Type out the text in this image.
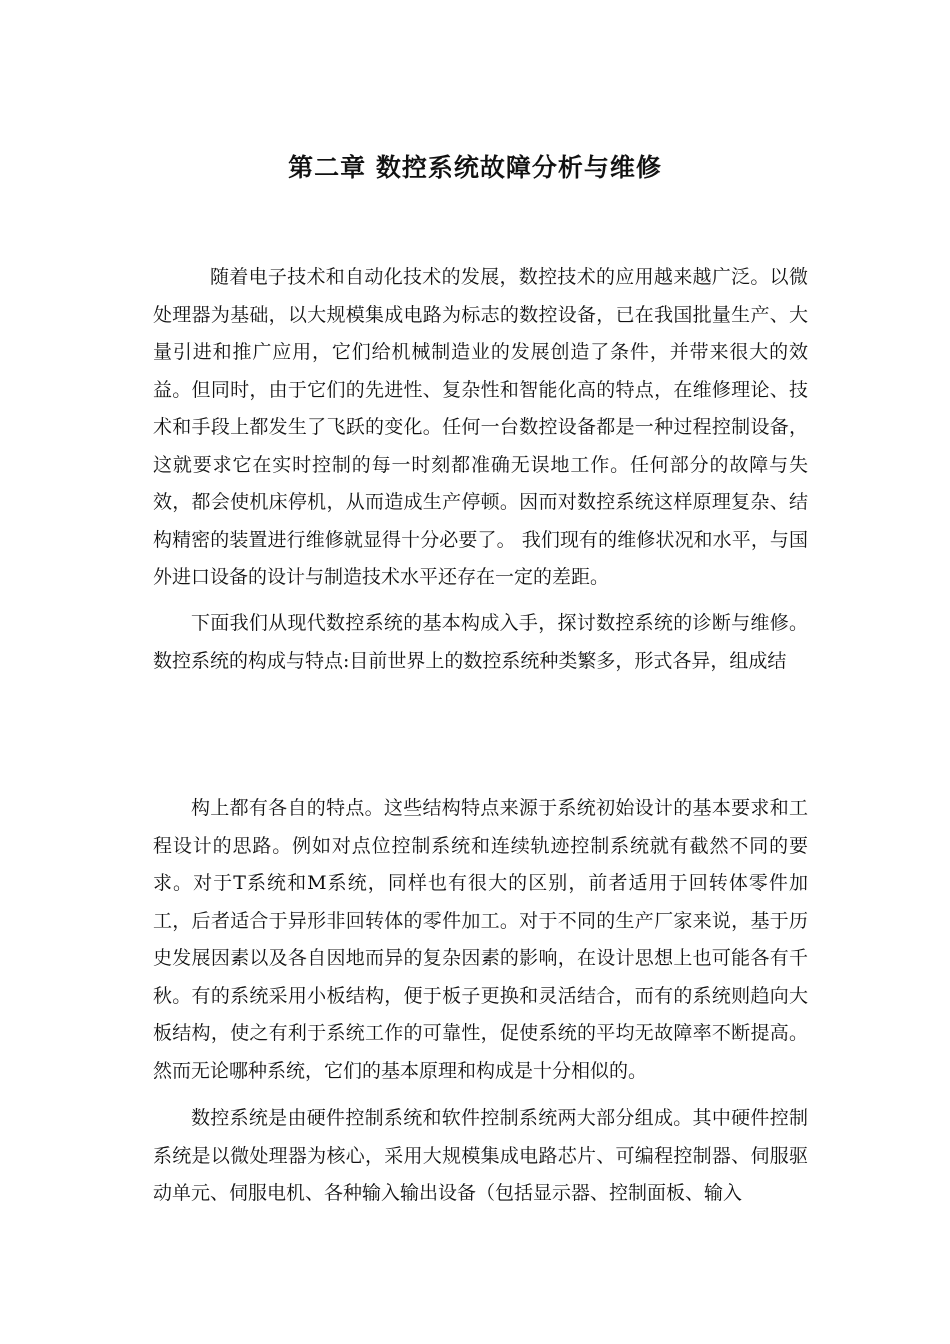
第二章 数控系统故障分析与维修

随着电子技术和自动化技术的发展，数控技术的应用越来越广泛。以微处理器为基础，以大规模集成电路为标志的数控设备，已在我国批量生产、大量引进和推广应用，它们给机械制造业的发展创造了条件，并带来很大的效益。但同时，由于它们的先进性、复杂性和智能化高的特点，在维修理论、技术和手段上都发生了飞跃的变化。任何一台数控设备都是一种过程控制设备，这就要求它在实时控制的每一时刻都准确无误地工作。任何部分的故障与失效，都会使机床停机，从而造成生产停顿。因而对数控系统这样原理复杂、结构精密的装置进行维修就显得十分必要了。 我们现有的维修状况和水平，与国外进口设备的设计与制造技术水平还存在一定的差距。

下面我们从现代数控系统的基本构成入手，探讨数控系统的诊断与维修。数控系统的构成与特点:目前世界上的数控系统种类繁多，形式各异，组成结

构上都有各自的特点。这些结构特点来源于系统初始设计的基本要求和工程设计的思路。例如对点位控制系统和连续轨迹控制系统就有截然不同的要求。对于T系统和M系统，同样也有很大的区别，前者适用于回转体零件加工，后者适合于异形非回转体的零件加工。对于不同的生产厂家来说，基于历史发展因素以及各自因地而异的复杂因素的影响，在设计思想上也可能各有千秋。有的系统采用小板结构，便于板子更换和灵活结合，而有的系统则趋向大板结构，使之有利于系统工作的可靠性，促使系统的平均无故障率不断提高。然而无论哪种系统，它们的基本原理和构成是十分相似的。

数控系统是由硬件控制系统和软件控制系统两大部分组成。其中硬件控制系统是以微处理器为核心，采用大规模集成电路芯片、可编程控制器、伺服驱动单元、伺服电机、各种输入输出设备（包括显示器、控制面板、输入
